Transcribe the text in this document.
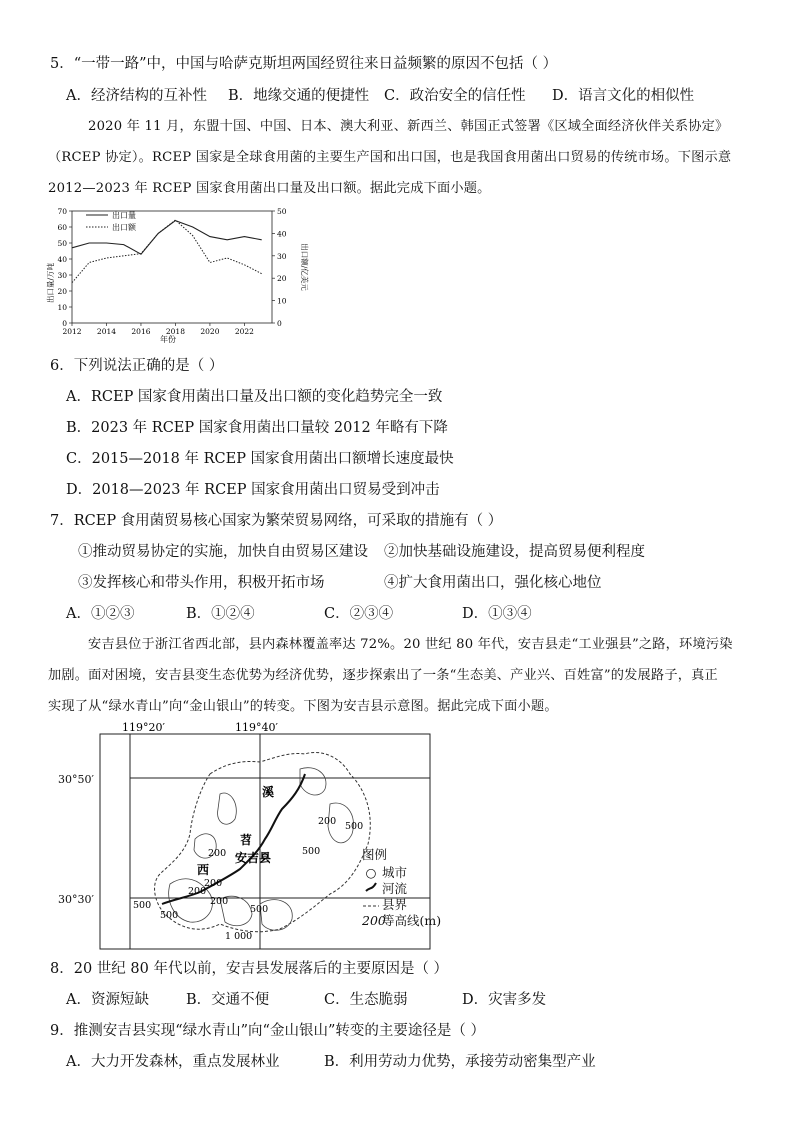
5．“一带一路”中，中国与哈萨克斯坦两国经贸往来日益频繁的原因不包括（ ）
A．经济结构的互补性 B．地缘交通的便捷性 C．政治安全的信任性 D．语言文化的相似性
2020 年 11 月，东盟十国、中国、日本、澳大利亚、新西兰、韩国正式签署《区域全面经济伙伴关系协定》
（RCEP 协定）。RCEP 国家是全球食用菌的主要生产国和出口国，也是我国食用菌出口贸易的传统市场。下图示意
2012—2023 年 RCEP 国家食用菌出口量及出口额。据此完成下面小题。
0
10
20
30
40
50
60
70
0
10
20
30
40
50
2012 2014 2016 2018 2020 2022
出口量
出口额
年份
出口量/万吨	出口额/亿美元
6．下列说法正确的是（ ）
A．RCEP 国家食用菌出口量及出口额的变化趋势完全一致
B．2023 年 RCEP 国家食用菌出口量较 2012 年略有下降
C．2015—2018 年 RCEP 国家食用菌出口额增长速度最快
D．2018—2023 年 RCEP 国家食用菌出口贸易受到冲击
7．RCEP 食用菌贸易核心国家为繁荣贸易网络，可采取的措施有（ ）
①推动贸易协定的实施，加快自由贸易区建设 ②加快基础设施建设，提高贸易便利程度
③发挥核心和带头作用，积极开拓市场	④扩大食用菌出口，强化核心地位
A．①②③	B．①②④	C．②③④	D．①③④
安吉县位于浙江省西北部，县内森林覆盖率达 72%。20 世纪 80 年代，安吉县走“工业强县”之路，环境污染
加剧。面对困境，安吉县变生态优势为经济优势，逐步探索出了一条“生态美、产业兴、百姓富”的发展路子，真正
实现了从“绿水青山”向“金山银山”的转变。下图为安吉县示意图。据此完成下面小题。
119°20′	119°40′
溪
苕
西
安吉县
200
500
200
200
200
500	200
500
1 000
500
500
30°50′
30°30′
图例
○ 城市
河流
县界
200
等高线(m)
8．20 世纪 80 年代以前，安吉县发展落后的主要原因是（ ）
A．资源短缺	B．交通不便	C．生态脆弱	D．灾害多发
9．推测安吉县实现“绿水青山”向“金山银山”转变的主要途径是（ ）
A．大力开发森林，重点发展林业	B．利用劳动力优势，承接劳动密集型产业
